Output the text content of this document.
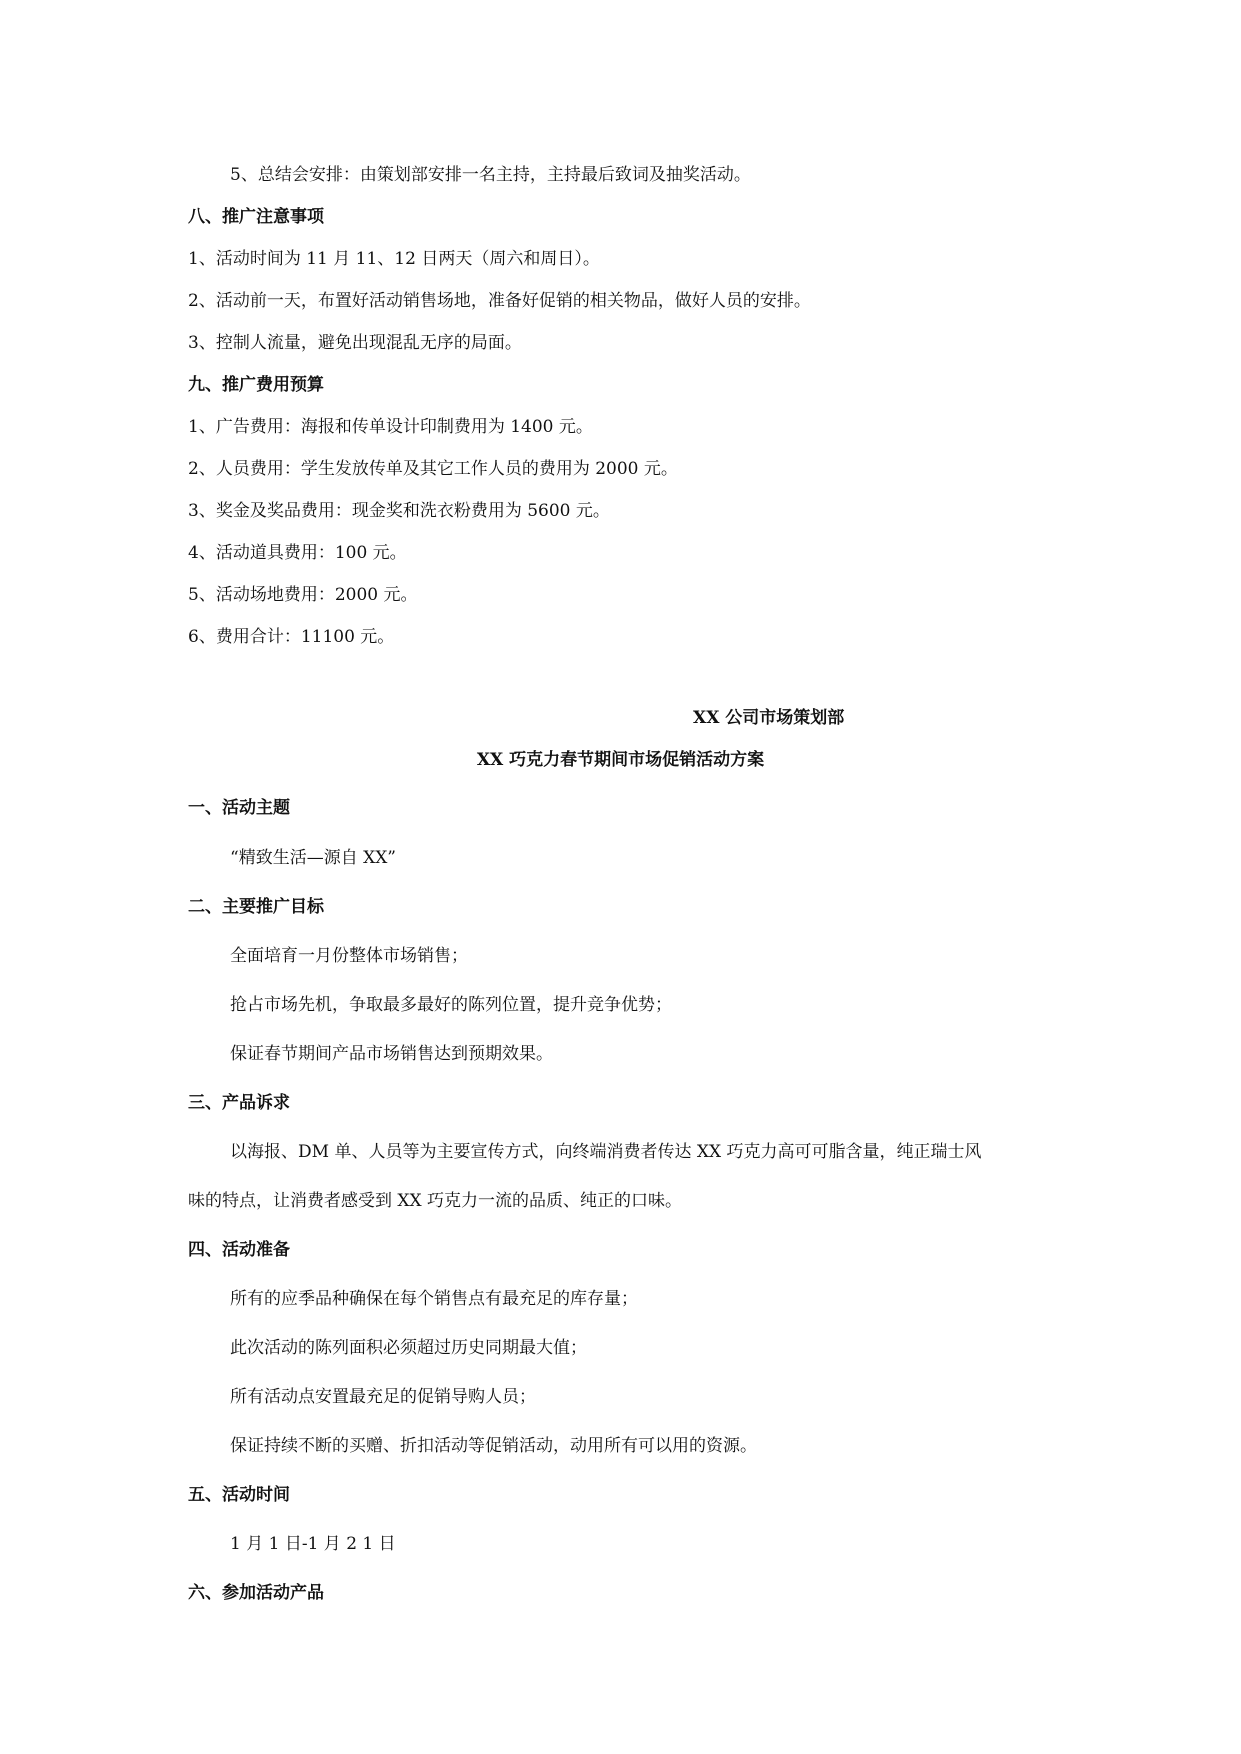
5、总结会安排：由策划部安排一名主持，主持最后致词及抽奖活动。
八、推广注意事项
1、活动时间为 11 月 11、12 日两天（周六和周日）。
2、活动前一天，布置好活动销售场地，准备好促销的相关物品，做好人员的安排。
3、控制人流量，避免出现混乱无序的局面。
九、推广费用预算
1、广告费用：海报和传单设计印制费用为 1400 元。
2、人员费用：学生发放传单及其它工作人员的费用为 2000 元。
3、奖金及奖品费用：现金奖和洗衣粉费用为 5600 元。
4、活动道具费用：100 元。
5、活动场地费用：2000 元。
6、费用合计：11100 元。
XX 公司市场策划部
XX 巧克力春节期间市场促销活动方案
一、活动主题
“精致生活—源自 XX”
二、主要推广目标
全面培育一月份整体市场销售；
抢占市场先机，争取最多最好的陈列位置，提升竞争优势；
保证春节期间产品市场销售达到预期效果。
三、产品诉求
以海报、DM 单、人员等为主要宣传方式，向终端消费者传达 XX 巧克力高可可脂含量，纯正瑞士风
味的特点，让消费者感受到 XX 巧克力一流的品质、纯正的口味。
四、活动准备
所有的应季品种确保在每个销售点有最充足的库存量；
此次活动的陈列面积必须超过历史同期最大值；
所有活动点安置最充足的促销导购人员；
保证持续不断的买赠、折扣活动等促销活动，动用所有可以用的资源。
五、活动时间
1 月 1 日-1 月 2 1 日
六、参加活动产品
